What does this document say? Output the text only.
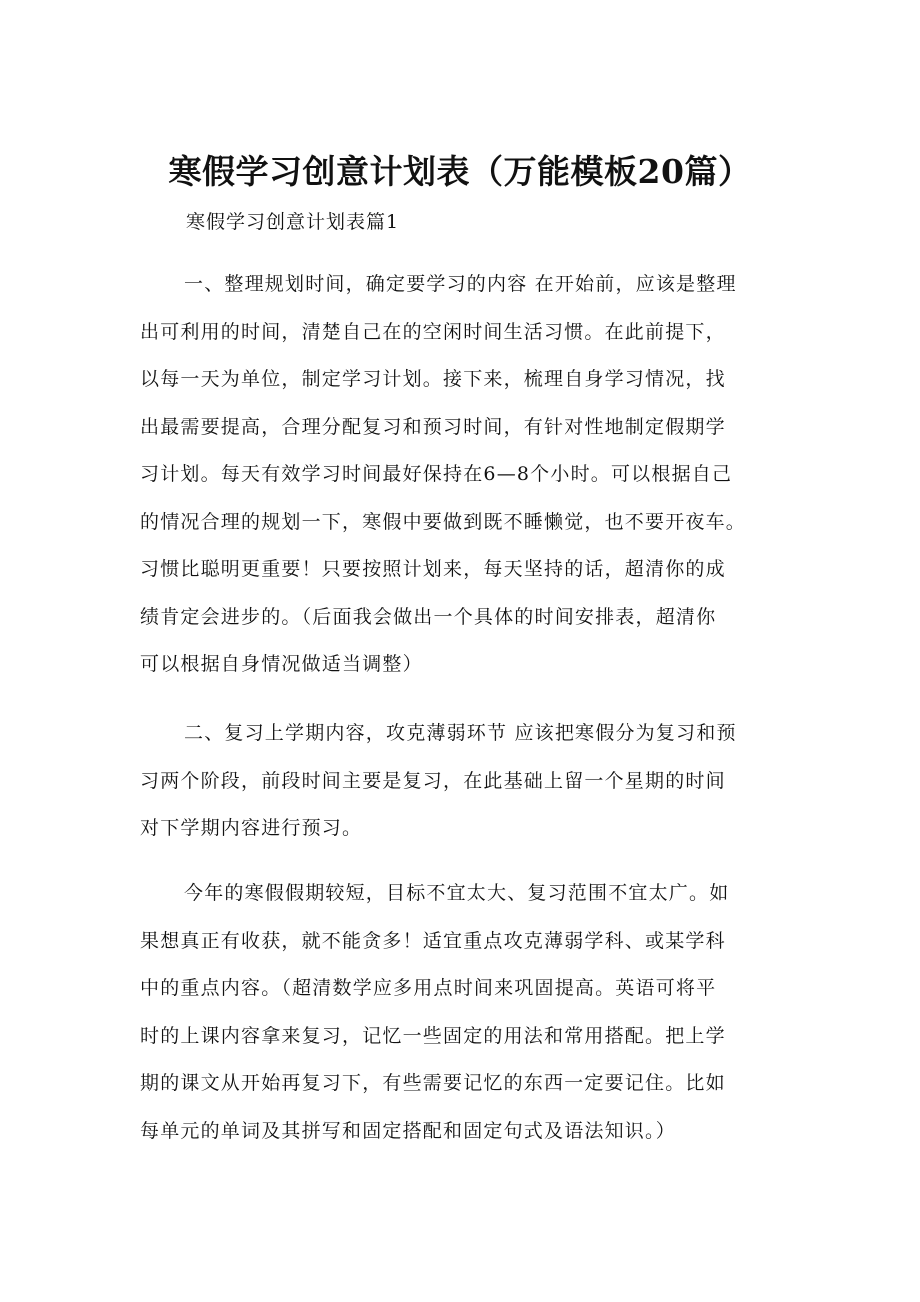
寒假学习创意计划表（万能模板20篇）
寒假学习创意计划表篇1
一、整理规划时间，确定要学习的内容 在开始前，应该是整理
出可利用的时间，清楚自己在的空闲时间生活习惯。在此前提下，
以每一天为单位，制定学习计划。接下来，梳理自身学习情况，找
出最需要提高，合理分配复习和预习时间，有针对性地制定假期学
习计划。每天有效学习时间最好保持在6—8个小时。可以根据自己
的情况合理的规划一下，寒假中要做到既不睡懒觉，也不要开夜车。
习惯比聪明更重要！只要按照计划来，每天坚持的话，超清你的成
绩肯定会进步的。（后面我会做出一个具体的时间安排表，超清你
可以根据自身情况做适当调整）
二、复习上学期内容，攻克薄弱环节 应该把寒假分为复习和预
习两个阶段，前段时间主要是复习，在此基础上留一个星期的时间
对下学期内容进行预习。
今年的寒假假期较短，目标不宜太大、复习范围不宜太广。如
果想真正有收获，就不能贪多！适宜重点攻克薄弱学科、或某学科
中的重点内容。（超清数学应多用点时间来巩固提高。英语可将平
时的上课内容拿来复习，记忆一些固定的用法和常用搭配。把上学
期的课文从开始再复习下，有些需要记忆的东西一定要记住。比如
每单元的单词及其拼写和固定搭配和固定句式及语法知识。）
